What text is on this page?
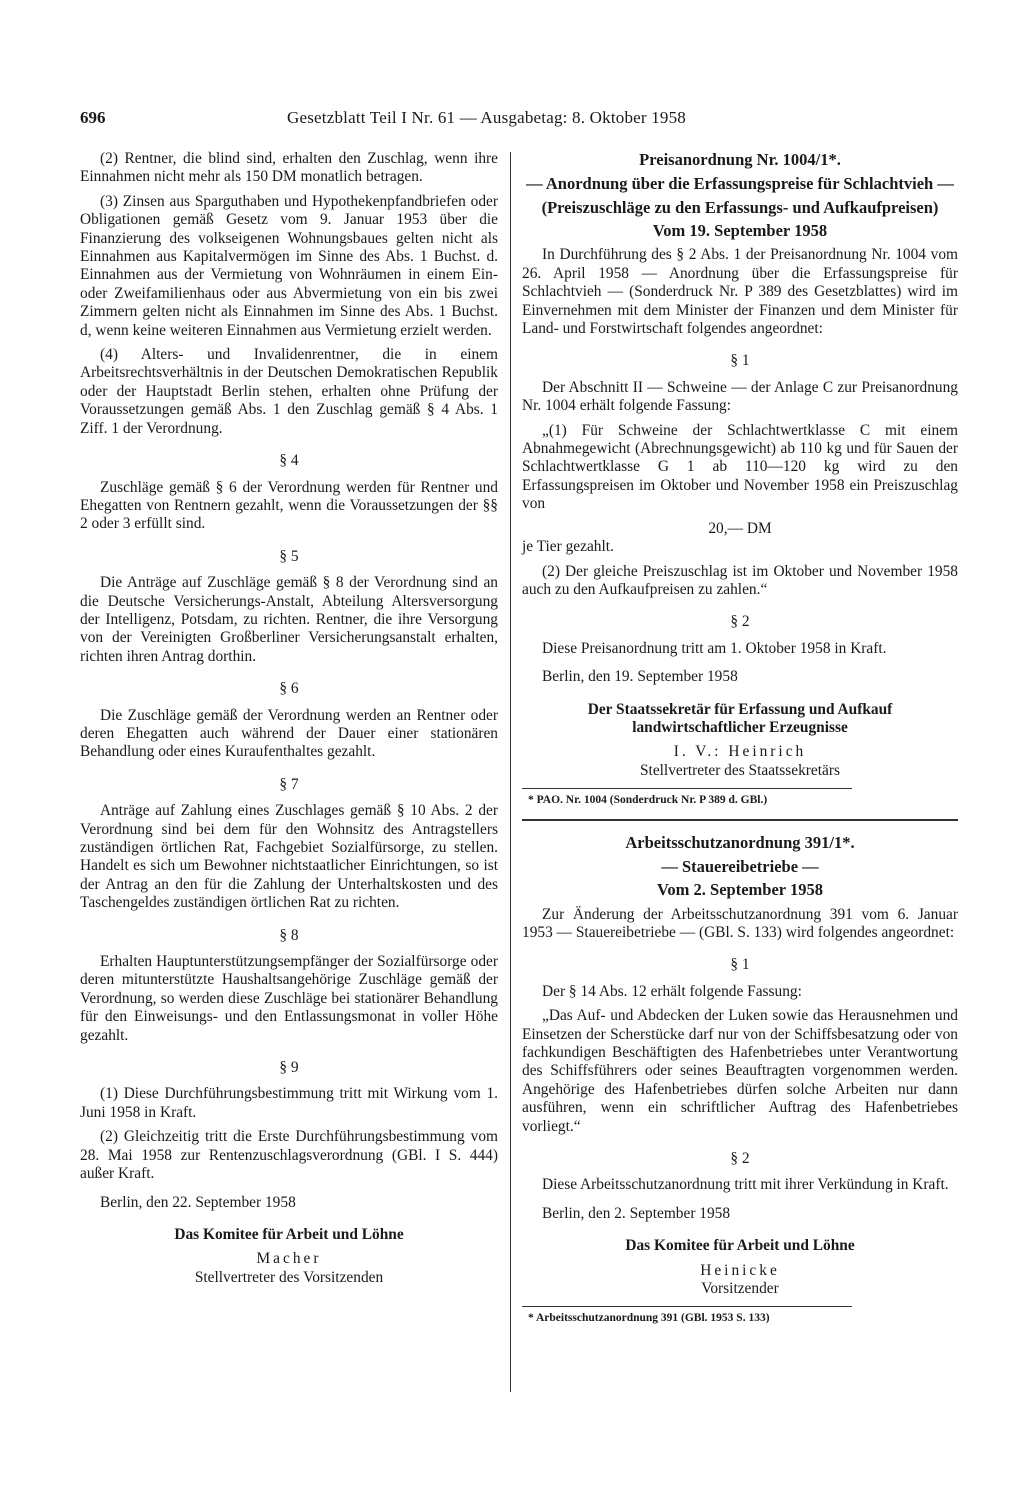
696	Gesetzblatt Teil I Nr. 61 — Ausgabetag: 8. Oktober 1958

(2) Rentner, die blind sind, erhalten den Zuschlag, wenn ihre Einnahmen nicht mehr als 150 DM monatlich betragen.

(3) Zinsen aus Sparguthaben und Hypothekenpfandbriefen oder Obligationen gemäß Gesetz vom 9. Januar 1953 über die Finanzierung des volkseigenen Wohnungsbaues gelten nicht als Einnahmen aus Kapitalvermögen im Sinne des Abs. 1 Buchst. d. Einnahmen aus der Vermietung von Wohnräumen in einem Ein- oder Zweifamilienhaus oder aus Abvermietung von ein bis zwei Zimmern gelten nicht als Einnahmen im Sinne des Abs. 1 Buchst. d, wenn keine weiteren Einnahmen aus Vermietung erzielt werden.

(4) Alters- und Invalidenrentner, die in einem Arbeitsrechtsverhältnis in der Deutschen Demokratischen Republik oder der Hauptstadt Berlin stehen, erhalten ohne Prüfung der Voraussetzungen gemäß Abs. 1 den Zuschlag gemäß § 4 Abs. 1 Ziff. 1 der Verordnung.

§ 4

Zuschläge gemäß § 6 der Verordnung werden für Rentner und Ehegatten von Rentnern gezahlt, wenn die Voraussetzungen der §§ 2 oder 3 erfüllt sind.

§ 5

Die Anträge auf Zuschläge gemäß § 8 der Verordnung sind an die Deutsche Versicherungs-Anstalt, Abteilung Altersversorgung der Intelligenz, Potsdam, zu richten. Rentner, die ihre Versorgung von der Vereinigten Großberliner Versicherungsanstalt erhalten, richten ihren Antrag dorthin.

§ 6

Die Zuschläge gemäß der Verordnung werden an Rentner oder deren Ehegatten auch während der Dauer einer stationären Behandlung oder eines Kuraufenthaltes gezahlt.

§ 7

Anträge auf Zahlung eines Zuschlages gemäß § 10 Abs. 2 der Verordnung sind bei dem für den Wohnsitz des Antragstellers zuständigen örtlichen Rat, Fachgebiet Sozialfürsorge, zu stellen. Handelt es sich um Bewohner nichtstaatlicher Einrichtungen, so ist der Antrag an den für die Zahlung der Unterhaltskosten und des Taschengeldes zuständigen örtlichen Rat zu richten.

§ 8

Erhalten Hauptunterstützungsempfänger der Sozialfürsorge oder deren mitunterstützte Haushaltsangehörige Zuschläge gemäß der Verordnung, so werden diese Zuschläge bei stationärer Behandlung für den Einweisungs- und den Entlassungsmonat in voller Höhe gezahlt.

§ 9

(1) Diese Durchführungsbestimmung tritt mit Wirkung vom 1. Juni 1958 in Kraft.

(2) Gleichzeitig tritt die Erste Durchführungsbestimmung vom 28. Mai 1958 zur Rentenzuschlagsverordnung (GBl. I S. 444) außer Kraft.

Berlin, den 22. September 1958

Das Komitee für Arbeit und Löhne

Macher

Stellvertreter des Vorsitzenden

Preisanordnung Nr. 1004/1*.
— Anordnung über die Erfassungspreise für Schlachtvieh —
(Preiszuschläge zu den Erfassungs- und Aufkaufpreisen)
Vom 19. September 1958

In Durchführung des § 2 Abs. 1 der Preisanordnung Nr. 1004 vom 26. April 1958 — Anordnung über die Erfassungspreise für Schlachtvieh — (Sonderdruck Nr. P 389 des Gesetzblattes) wird im Einvernehmen mit dem Minister der Finanzen und dem Minister für Land- und Forstwirtschaft folgendes angeordnet:

§ 1

Der Abschnitt II — Schweine — der Anlage C zur Preisanordnung Nr. 1004 erhält folgende Fassung:

„(1) Für Schweine der Schlachtwertklasse C mit einem Abnahmegewicht (Abrechnungsgewicht) ab 110 kg und für Sauen der Schlachtwertklasse G 1 ab 110—120 kg wird zu den Erfassungspreisen im Oktober und November 1958 ein Preiszuschlag von

20,— DM

je Tier gezahlt.

(2) Der gleiche Preiszuschlag ist im Oktober und November 1958 auch zu den Aufkaufpreisen zu zahlen.“

§ 2

Diese Preisanordnung tritt am 1. Oktober 1958 in Kraft.

Berlin, den 19. September 1958

Der Staatssekretär für Erfassung und Aufkauf landwirtschaftlicher Erzeugnisse

I. V.: Heinrich

Stellvertreter des Staatssekretärs

* PAO. Nr. 1004 (Sonderdruck Nr. P 389 d. GBl.)

Arbeitsschutzanordnung 391/1*.
— Stauereibetriebe —
Vom 2. September 1958

Zur Änderung der Arbeitsschutzanordnung 391 vom 6. Januar 1953 — Stauereibetriebe — (GBl. S. 133) wird folgendes angeordnet:

§ 1

Der § 14 Abs. 12 erhält folgende Fassung:

„Das Auf- und Abdecken der Luken sowie das Herausnehmen und Einsetzen der Scherstücke darf nur von der Schiffsbesatzung oder von fachkundigen Beschäftigten des Hafenbetriebes unter Verantwortung des Schiffsführers oder seines Beauftragten vorgenommen werden. Angehörige des Hafenbetriebes dürfen solche Arbeiten nur dann ausführen, wenn ein schriftlicher Auftrag des Hafenbetriebes vorliegt.“

§ 2

Diese Arbeitsschutzanordnung tritt mit ihrer Verkündung in Kraft.

Berlin, den 2. September 1958

Das Komitee für Arbeit und Löhne

Heinicke

Vorsitzender

* Arbeitsschutzanordnung 391 (GBl. 1953 S. 133)
